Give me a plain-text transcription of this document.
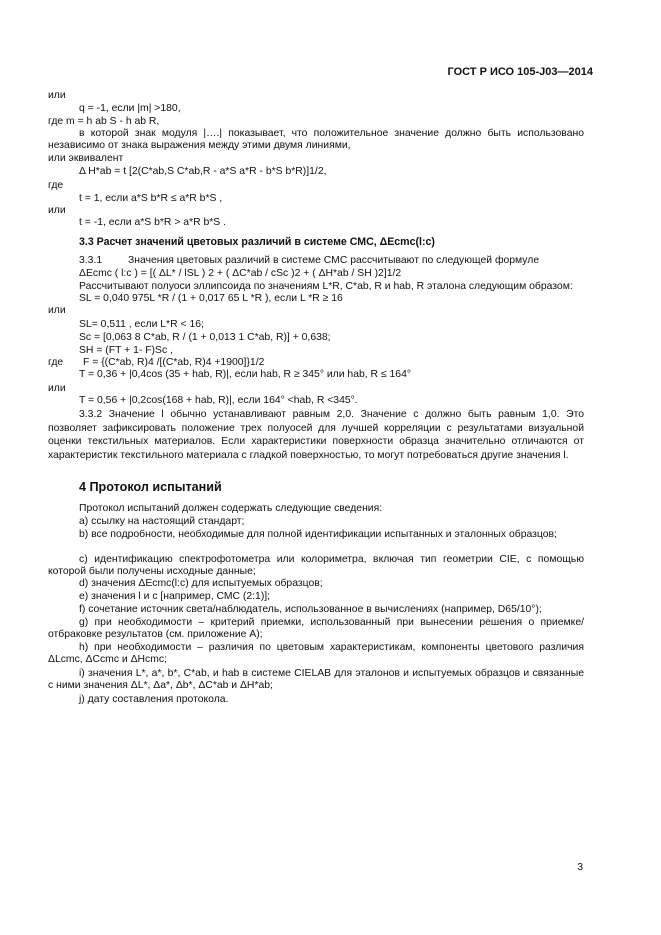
ГОСТ Р ИСО 105-J03—2014
или
q = -1, если |m| >180,
где m = h ab S - h ab R,
в которой знак модуля |….| показывает, что положительное значение должно быть использовано независимо от знака выражения между этими двумя линиями,
или эквивалент
Δ H*ab = t [2(C*ab,S C*ab,R - a*S a*R - b*S b*R)]1/2,
где
t = 1, если a*S b*R ≤ a*R b*S ,
или
t = -1, если a*S b*R > a*R b*S .
3.3 Расчет значений цветовых различий в системе СМС, ΔEcmc(l:c)
3.3.1 Значения цветовых различий в системе СМС рассчитывают по следующей формуле
ΔEcmc ( l:c ) = [( ΔL* / lSL ) 2 + ( ΔC*ab / cSc )2 + ( ΔH*ab / SH )2]1/2
Рассчитывают полуоси эллипсоида по значениям L*R, C*ab, R и hab, R эталона следующим образом:
SL = 0,040 975L *R / (1 + 0,017 65 L *R ), если L *R ≥ 16
или
SL= 0,511 , если L*R < 16;
Sc = [0,063 8 C*ab, R / (1 + 0,013 1 C*ab, R)] + 0,638;
SH = (FT + 1- F)Sc ,
где F = {(C*ab, R)4 /[(C*ab, R)4 +1900]}1/2
T = 0,36 + |0,4cos (35 + hab, R)|, если hab, R ≥ 345° или hab, R ≤ 164°
или
T = 0,56 + |0,2cos(168 + hab, R)|, если 164° <hab, R <345°.
3.3.2 Значение l обычно устанавливают равным 2,0. Значение c должно быть равным 1,0. Это позволяет зафиксировать положение трех полуосей для лучшей корреляции с результатами визуальной оценки текстильных материалов. Если характеристики поверхности образца значительно отличаются от характеристик текстильного материала с гладкой поверхностью, то могут потребоваться другие значения l.
4 Протокол испытаний
Протокол испытаний должен содержать следующие сведения:
а) ссылку на настоящий стандарт;
b) все подробности, необходимые для полной идентификации испытанных и эталонных образцов;
c) идентификацию спектрофотометра или колориметра, включая тип геометрии CIE, с помощью которой были получены исходные данные;
d) значения ΔEcmc(l:c) для испытуемых образцов;
e) значения l и c [например, СМС (2:1)];
f) сочетание источник света/наблюдатель, использованное в вычислениях (например, D65/10°);
g) при необходимости – критерий приемки, использованный при вынесении решения о приемке/отбраковке результатов (см. приложение А);
h) при необходимости – различия по цветовым характеристикам, компоненты цветового различия ΔLcmc, ΔCcmc и ΔHcmc;
i) значения L*, a*, b*, C*ab, и hab в системе CIELAB для эталонов и испытуемых образцов и связанные с ними значения ΔL*, Δa*, Δb*, ΔC*ab и ΔH*ab;
j) дату составления протокола.
3
